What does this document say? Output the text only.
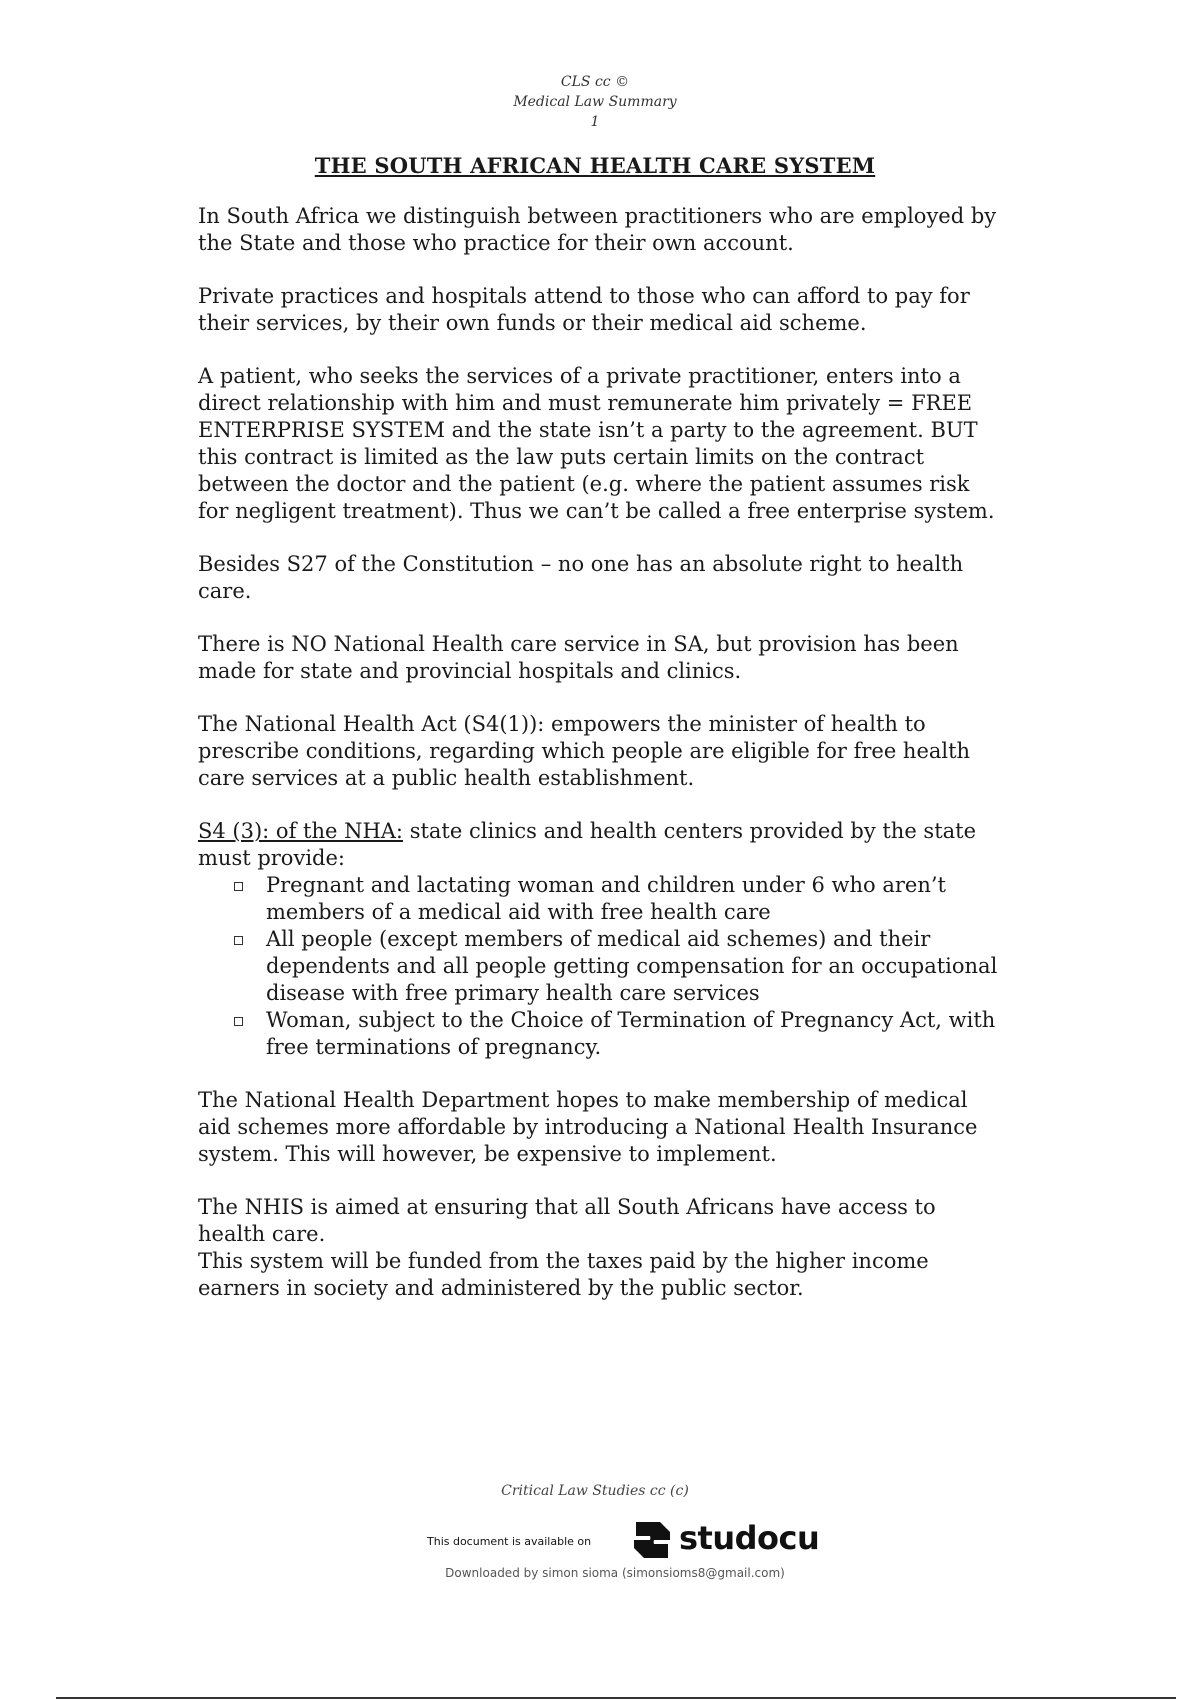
CLS cc ©
Medical Law Summary
1
THE SOUTH AFRICAN HEALTH CARE SYSTEM

In South Africa we distinguish between practitioners who are employed by the State and those who practice for their own account.

Private practices and hospitals attend to those who can afford to pay for their services, by their own funds or their medical aid scheme.

A patient, who seeks the services of a private practitioner, enters into a direct relationship with him and must remunerate him privately = FREE ENTERPRISE SYSTEM and the state isn’t a party to the agreement. BUT this contract is limited as the law puts certain limits on the contract between the doctor and the patient (e.g. where the patient assumes risk for negligent treatment). Thus we can’t be called a free enterprise system.

Besides S27 of the Constitution – no one has an absolute right to health care.

There is NO National Health care service in SA, but provision has been made for state and provincial hospitals and clinics.

The National Health Act (S4(1)): empowers the minister of health to prescribe conditions, regarding which people are eligible for free health care services at a public health establishment.

S4 (3): of the NHA: state clinics and health centers provided by the state must provide:

Pregnant and lactating woman and children under 6 who aren’t members of a medical aid with free health care
All people (except members of medical aid schemes) and their dependents and all people getting compensation for an occupational disease with free primary health care services
Woman, subject to the Choice of Termination of Pregnancy Act, with free terminations of pregnancy.

The National Health Department hopes to make membership of medical aid schemes more affordable by introducing a National Health Insurance system. This will however, be expensive to implement.

The NHIS is aimed at ensuring that all South Africans have access to health care.

This system will be funded from the taxes paid by the higher income earners in society and administered by the public sector.

Critical Law Studies cc (c)
This document is available on	studocu
Downloaded by simon sioma (simonsioms8@gmail.com)
